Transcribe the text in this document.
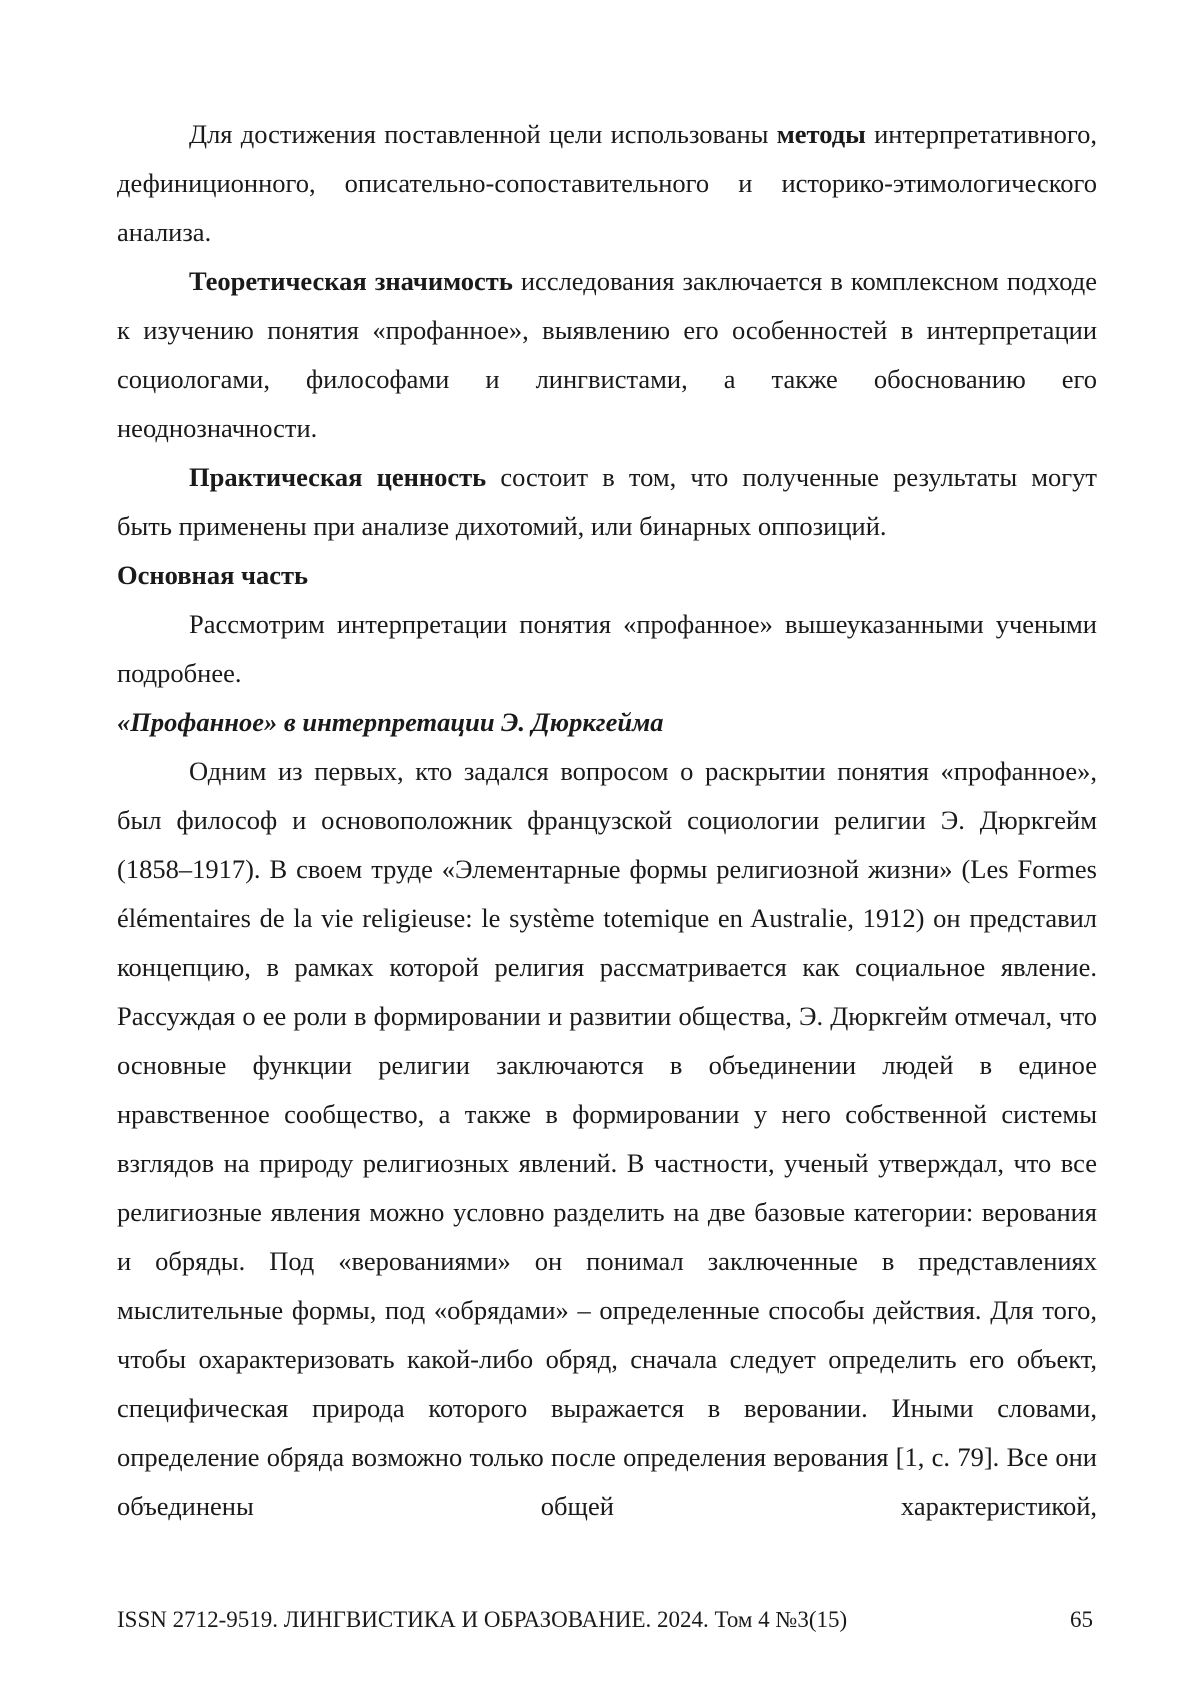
Для достижения поставленной цели использованы методы интерпретативного, дефиниционного, описательно-сопоставительного и историко-этимологического анализа.

Теоретическая значимость исследования заключается в комплексном подходе к изучению понятия «профанное», выявлению его особенностей в интерпретации социологами, философами и лингвистами, а также обоснованию его неоднозначности.

Практическая ценность состоит в том, что полученные результаты могут быть применены при анализе дихотомий, или бинарных оппозиций.

Основная часть

Рассмотрим интерпретации понятия «профанное» вышеуказанными учеными подробнее.

«Профанное» в интерпретации Э. Дюркгейма

Одним из первых, кто задался вопросом о раскрытии понятия «профанное», был философ и основоположник французской социологии религии Э. Дюркгейм (1858–1917). В своем труде «Элементарные формы религиозной жизни» (Les Formes élémentaires de la vie religieuse: le système totemique en Australie, 1912) он представил концепцию, в рамках которой религия рассматривается как социальное явление. Рассуждая о ее роли в формировании и развитии общества, Э. Дюркгейм отмечал, что основные функции религии заключаются в объединении людей в единое нравственное сообщество, а также в формировании у него собственной системы взглядов на природу религиозных явлений. В частности, ученый утверждал, что все религиозные явления можно условно разделить на две базовые категории: верования и обряды. Под «верованиями» он понимал заключенные в представлениях мыслительные формы, под «обрядами» – определенные способы действия. Для того, чтобы охарактеризовать какой-либо обряд, сначала следует определить его объект, специфическая природа которого выражается в веровании. Иными словами, определение обряда возможно только после определения верования [1, с. 79]. Все они объединены общей характеристикой,

ISSN 2712-9519. ЛИНГВИСТИКА И ОБРАЗОВАНИЕ. 2024. Том 4 №3(15)	65
